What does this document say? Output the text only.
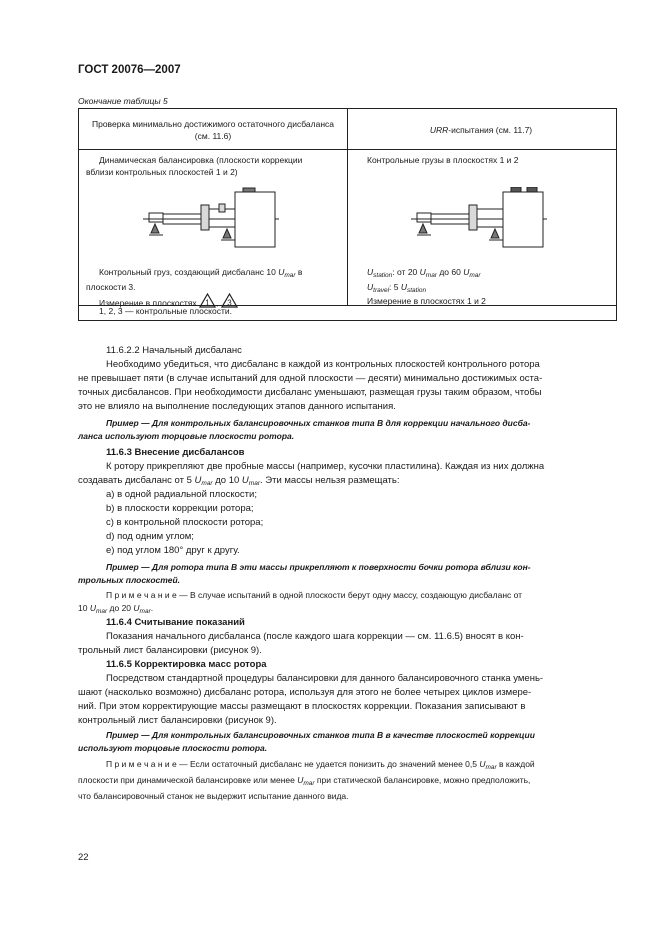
ГОСТ 20076—2007
Окончание таблицы 5
Проверка минимально достижимого остаточного дисбаланса
(см. 11.6)
URR-испытания (см. 11.7)
Динамическая балансировка (плоскости коррекции
вблизи контрольных плоскостей 1 и 2)
Контрольные грузы в плоскостях 1 и 2
Контрольный груз, создающий дисбаланс 10 $U_{mar}$ в
плоскости 3.
Измерение в плоскостях 1 , 3
$U_{station}$: от 20 $U_{mar}$ до 60 $U_{mar}$
$U_{travel}$: 5 $U_{station}$
Измерение в плоскостях 1 и 2
1, 2, 3 — контрольные плоскости.
11.6.2.2 Начальный дисбаланс
Необходимо убедиться, что дисбаланс в каждой из контрольных плоскостей контрольного ротора
не превышает пяти (в случае испытаний для одной плоскости — десяти) минимально достижимых оста-
точных дисбалансов. При необходимости дисбаланс уменьшают, размещая грузы таким образом, чтобы
это не влияло на выполнение последующих этапов данного испытания.
Пример — Для контрольных балансировочных станков типа B для коррекции начального дисба-
ланса используют торцовые плоскости ротора.
11.6.3 Внесение дисбалансов
К ротору прикрепляют две пробные массы (например, кусочки пластилина). Каждая из них должна
создавать дисбаланс от 5 $U_{mar}$ до 10 $U_{mar}$. Эти массы нельзя размещать:
a) в одной радиальной плоскости;
b) в плоскости коррекции ротора;
c) в контрольной плоскости ротора;
d) под одним углом;
e) под углом 180° друг к другу.
Пример — Для ротора типа B эти массы прикрепляют к поверхности бочки ротора вблизи кон-
трольных плоскостей.
П р и м е ч а н и е — В случае испытаний в одной плоскости берут одну массу, создающую дисбаланс от
10 $U_{mar}$ до 20 $U_{mar}$.
11.6.4 Считывание показаний
Показания начального дисбаланса (после каждого шага коррекции — см. 11.6.5) вносят в кон-
трольный лист балансировки (рисунок 9).
11.6.5 Корректировка масс ротора
Посредством стандартной процедуры балансировки для данного балансировочного станка умень-
шают (насколько возможно) дисбаланс ротора, используя для этого не более четырех циклов измере-
ний. При этом корректирующие массы размещают в плоскостях коррекции. Показания записывают в
контрольный лист балансировки (рисунок 9).
Пример — Для контрольных балансировочных станков типа B в качестве плоскостей коррекции
используют торцовые плоскости ротора.
П р и м е ч а н и е — Если остаточный дисбаланс не удается понизить до значений менее 0,5 $U_{mar}$ в каждой
плоскости при динамической балансировке или менее $U_{mar}$ при статической балансировке, можно предположить,
что балансировочный станок не выдержит испытание данного вида.
22
